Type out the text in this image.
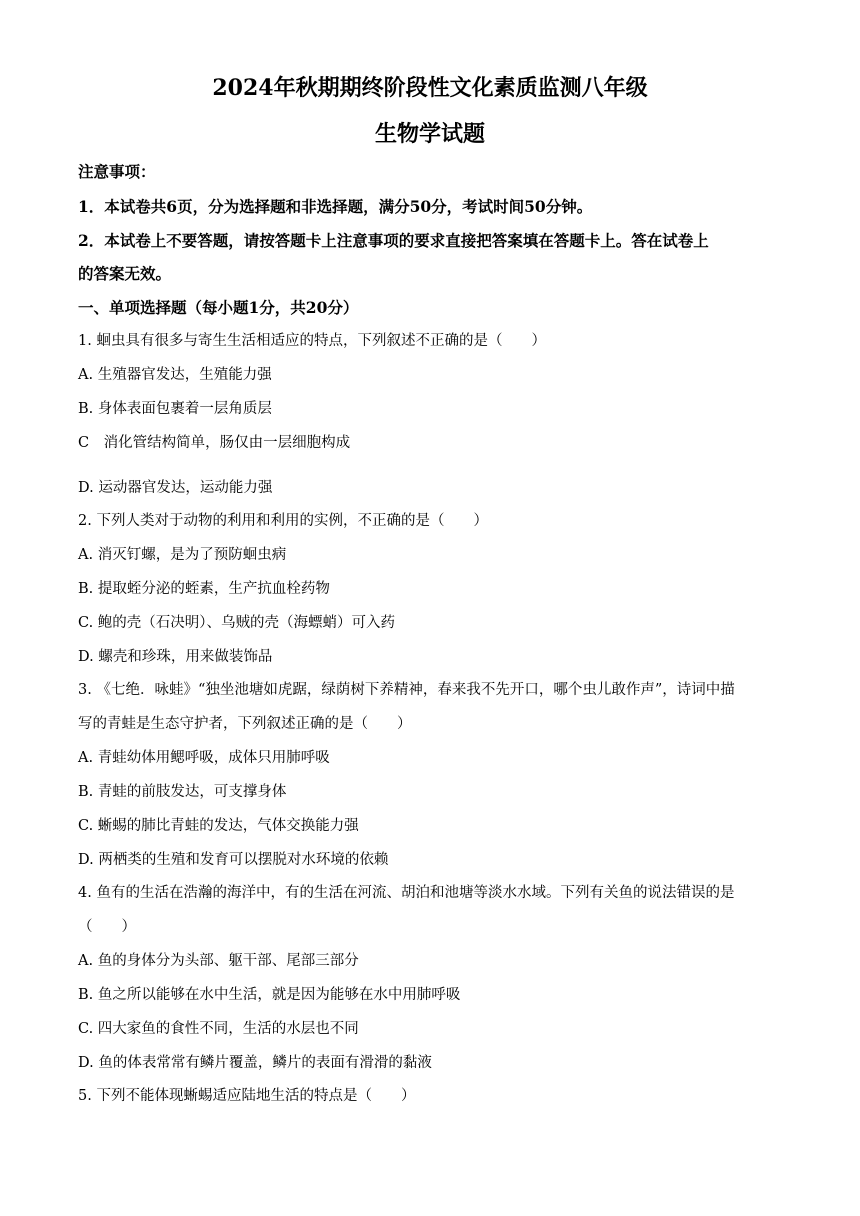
2024年秋期期终阶段性文化素质监测八年级
生物学试题
注意事项：
1．本试卷共6页，分为选择题和非选择题，满分50分，考试时间50分钟。
2．本试卷上不要答题，请按答题卡上注意事项的要求直接把答案填在答题卡上。答在试卷上
的答案无效。
一、单项选择题（每小题1分，共20分）
1. 蛔虫具有很多与寄生生活相适应的特点，下列叙述不正确的是（　　）
A. 生殖器官发达，生殖能力强
B. 身体表面包裹着一层角质层
C　消化管结构简单，肠仅由一层细胞构成
D. 运动器官发达，运动能力强
2. 下列人类对于动物的利用和利用的实例，不正确的是（　　）
A. 消灭钉螺，是为了预防蛔虫病
B. 提取蛭分泌的蛭素，生产抗血栓药物
C. 鲍的壳（石决明）、乌贼的壳（海螵蛸）可入药
D. 螺壳和珍珠，用来做装饰品
3. 《七绝．咏蛙》“独坐池塘如虎踞，绿荫树下养精神，春来我不先开口，哪个虫儿敢作声”，诗词中描
写的青蛙是生态守护者，下列叙述正确的是（　　）
A. 青蛙幼体用鳃呼吸，成体只用肺呼吸
B. 青蛙的前肢发达，可支撑身体
C. 蜥蜴的肺比青蛙的发达，气体交换能力强
D. 两栖类的生殖和发育可以摆脱对水环境的依赖
4. 鱼有的生活在浩瀚的海洋中，有的生活在河流、胡泊和池塘等淡水水域。下列有关鱼的说法错误的是
（　　）
A. 鱼的身体分为头部、躯干部、尾部三部分
B. 鱼之所以能够在水中生活，就是因为能够在水中用肺呼吸
C. 四大家鱼的食性不同，生活的水层也不同
D. 鱼的体表常常有鳞片覆盖，鳞片的表面有滑滑的黏液
5. 下列不能体现蜥蜴适应陆地生活的特点是（　　）
